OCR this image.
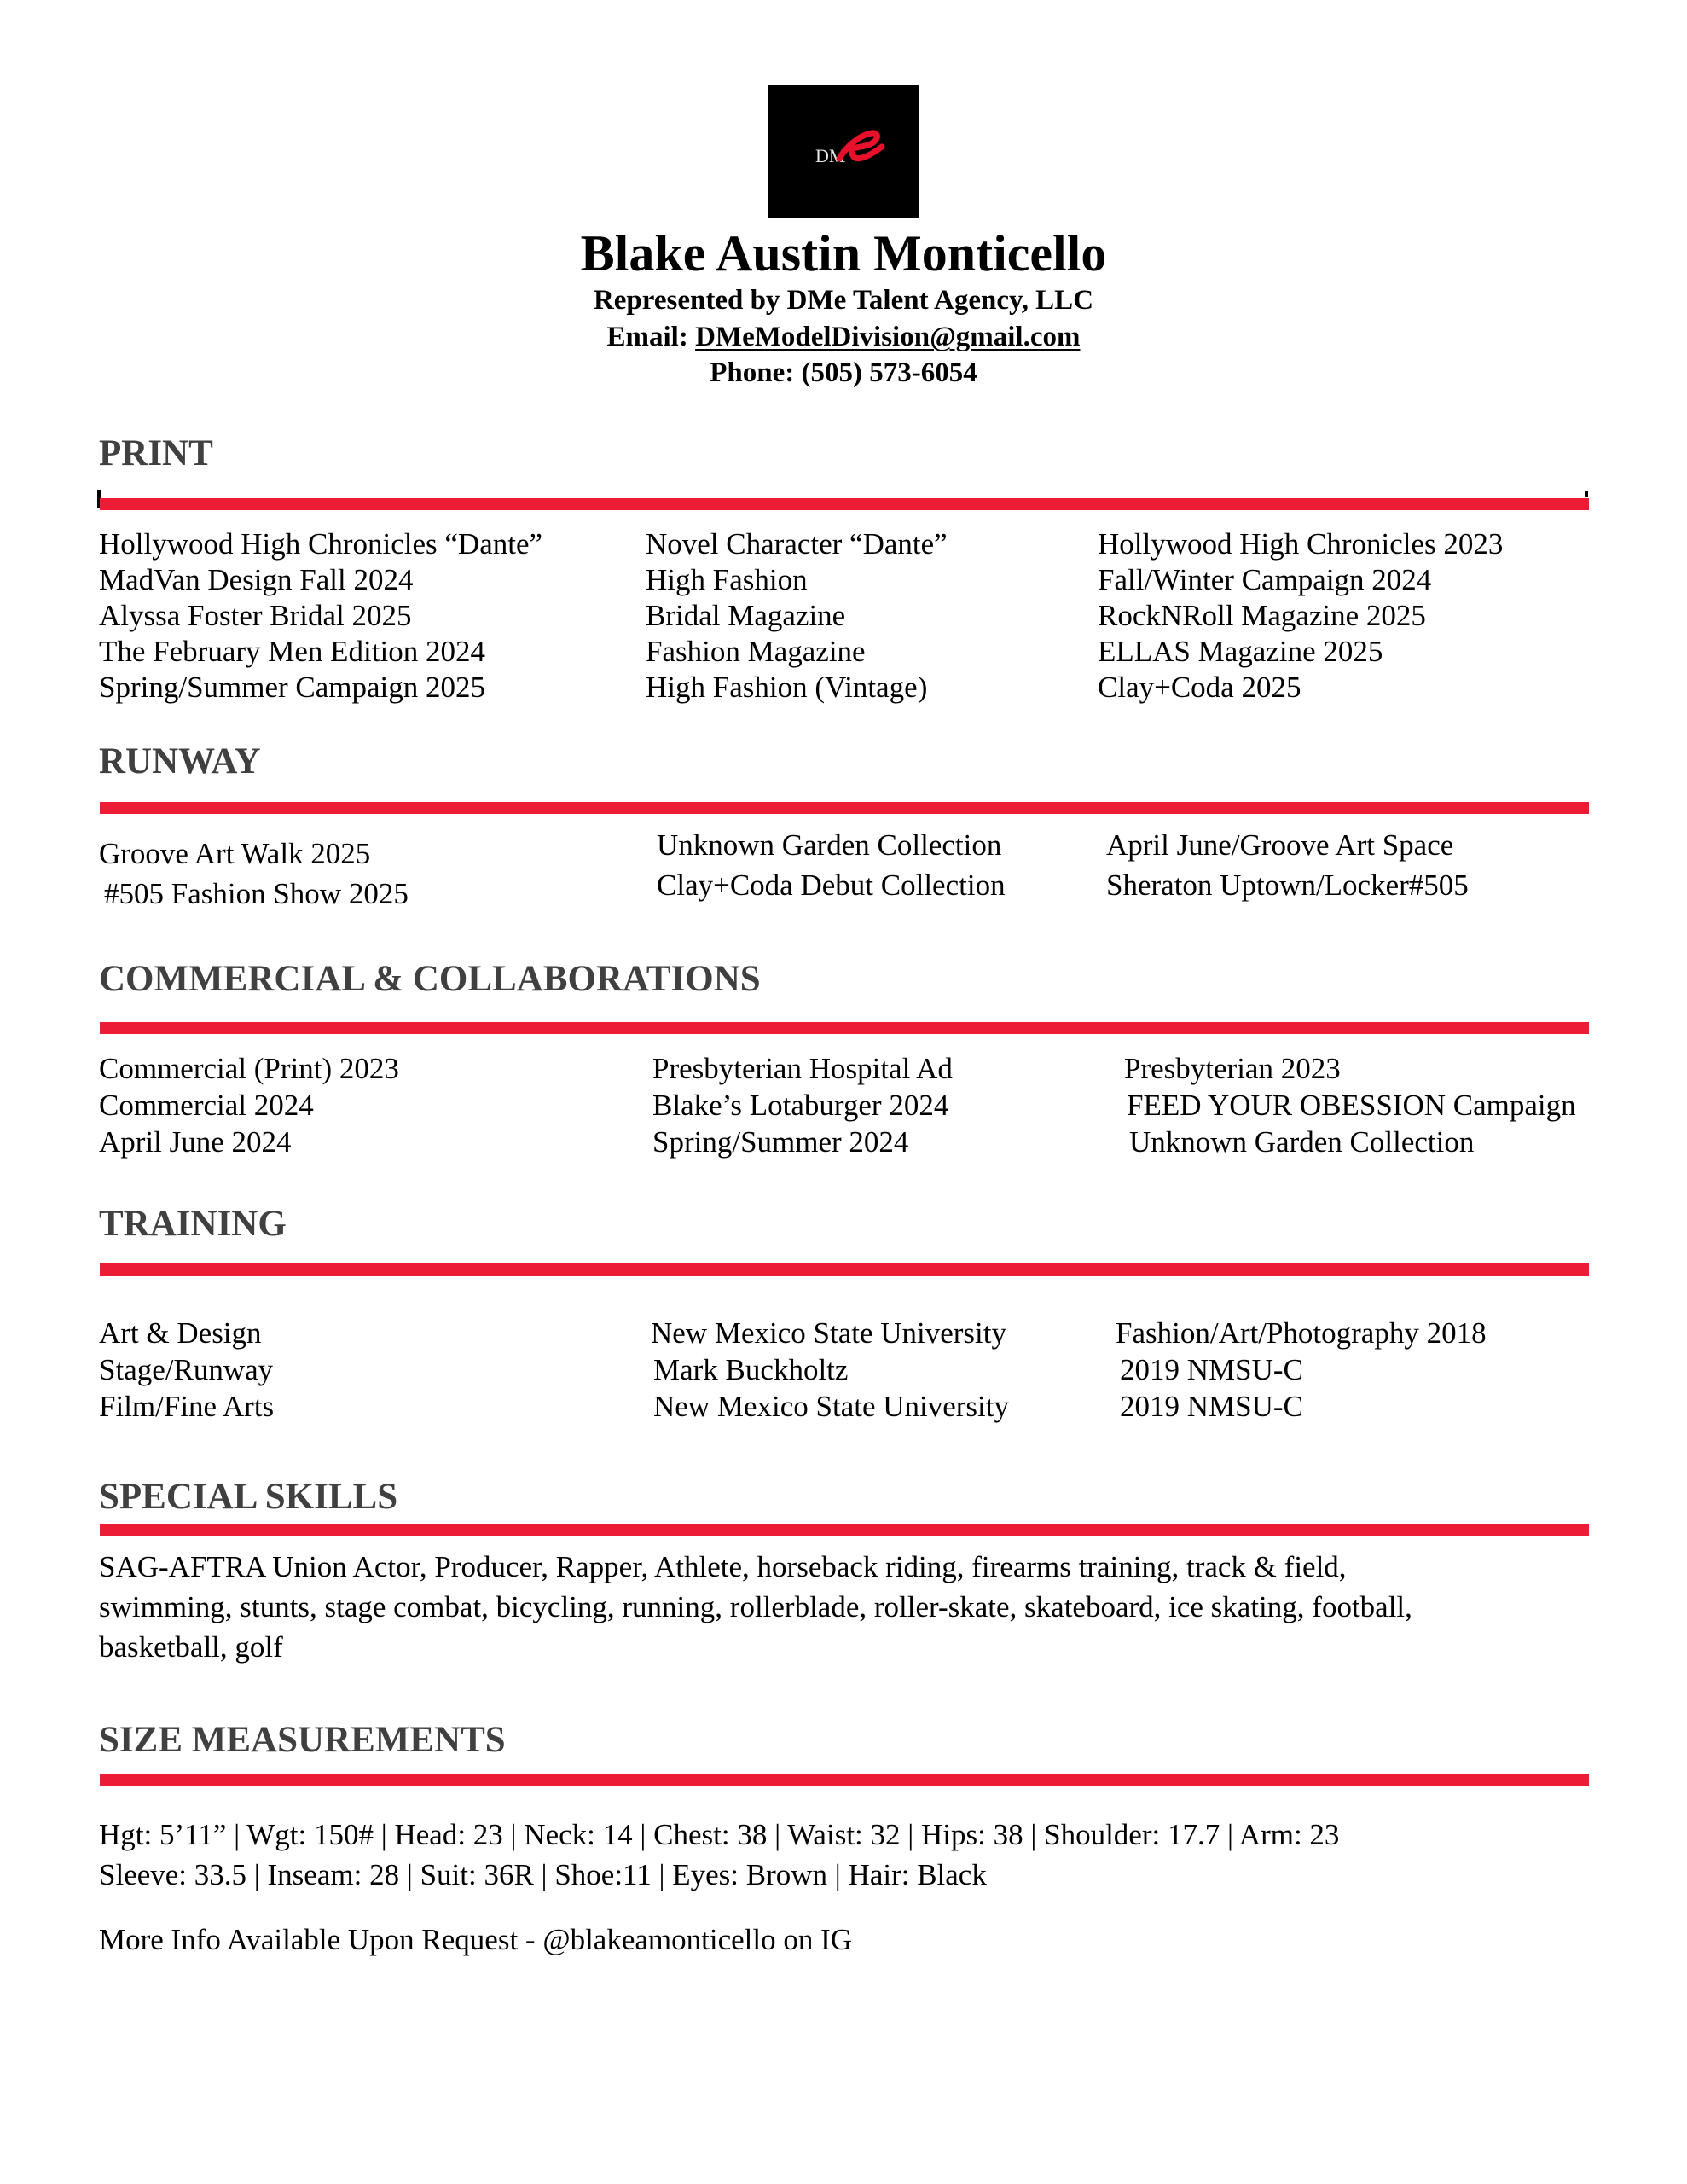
DM
Blake Austin Monticello
Represented by DMe Talent Agency, LLC
Email: DMeModelDivision@gmail.com
Phone: (505) 573-6054
PRINT
Hollywood High Chronicles “Dante”	Novel Character “Dante”	Hollywood High Chronicles 2023
MadVan Design Fall 2024	High Fashion	Fall/Winter Campaign 2024
Alyssa Foster Bridal 2025	Bridal Magazine	RockNRoll Magazine 2025
The February Men Edition 2024	Fashion Magazine	ELLAS Magazine 2025
Spring/Summer Campaign 2025	High Fashion (Vintage)	Clay+Coda 2025
RUNWAY
Groove Art Walk 2025	Unknown Garden Collection	April June/Groove Art Space
#505 Fashion Show 2025	Clay+Coda Debut Collection	Sheraton Uptown/Locker#505
COMMERCIAL & COLLABORATIONS
Commercial (Print) 2023	Presbyterian Hospital Ad	Presbyterian 2023
Commercial 2024	Blake’s Lotaburger 2024	FEED YOUR OBESSION Campaign
April June 2024	Spring/Summer 2024	Unknown Garden Collection
TRAINING
Art & Design	New Mexico State University	Fashion/Art/Photography 2018
Stage/Runway	Mark Buckholtz	2019 NMSU-C
Film/Fine Arts	New Mexico State University	2019 NMSU-C
SPECIAL SKILLS
SAG-AFTRA Union Actor, Producer, Rapper, Athlete, horseback riding, firearms training, track & field,
swimming, stunts, stage combat, bicycling, running, rollerblade, roller-skate, skateboard, ice skating, football,
basketball, golf
SIZE MEASUREMENTS
Hgt: 5’11” | Wgt: 150# | Head: 23 | Neck: 14 | Chest: 38 | Waist: 32 | Hips: 38 | Shoulder: 17.7 | Arm: 23
Sleeve: 33.5 | Inseam: 28 | Suit: 36R | Shoe:11 | Eyes: Brown | Hair: Black
More Info Available Upon Request - @blakeamonticello on IG
